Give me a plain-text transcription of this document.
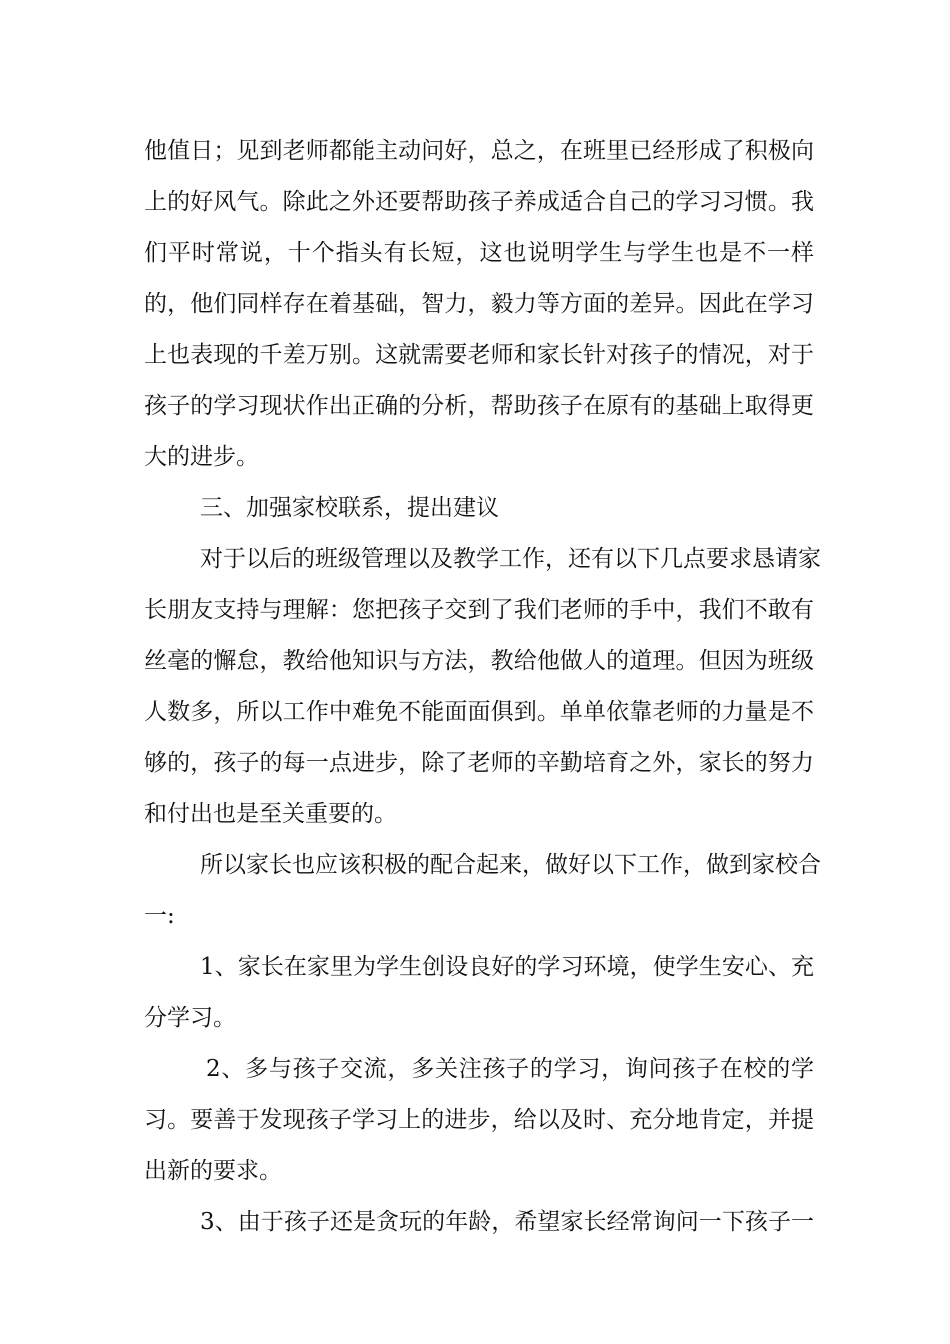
他值日；见到老师都能主动问好，总之，在班里已经形成了积极向

上的好风气。除此之外还要帮助孩子养成适合自己的学习习惯。我

们平时常说，十个指头有长短，这也说明学生与学生也是不一样

的，他们同样存在着基础，智力，毅力等方面的差异。因此在学习

上也表现的千差万别。这就需要老师和家长针对孩子的情况，对于

孩子的学习现状作出正确的分析，帮助孩子在原有的基础上取得更

大的进步。

三、加强家校联系，提出建议

对于以后的班级管理以及教学工作，还有以下几点要求恳请家

长朋友支持与理解：您把孩子交到了我们老师的手中，我们不敢有

丝毫的懈怠，教给他知识与方法，教给他做人的道理。但因为班级

人数多，所以工作中难免不能面面俱到。单单依靠老师的力量是不

够的，孩子的每一点进步，除了老师的辛勤培育之外，家长的努力

和付出也是至关重要的。

所以家长也应该积极的配合起来，做好以下工作，做到家校合

一:

1、家长在家里为学生创设良好的学习环境，使学生安心、充

分学习。

2、多与孩子交流，多关注孩子的学习，询问孩子在校的学

习。要善于发现孩子学习上的进步，给以及时、充分地肯定，并提

出新的要求。

3、由于孩子还是贪玩的年龄，希望家长经常询问一下孩子一
